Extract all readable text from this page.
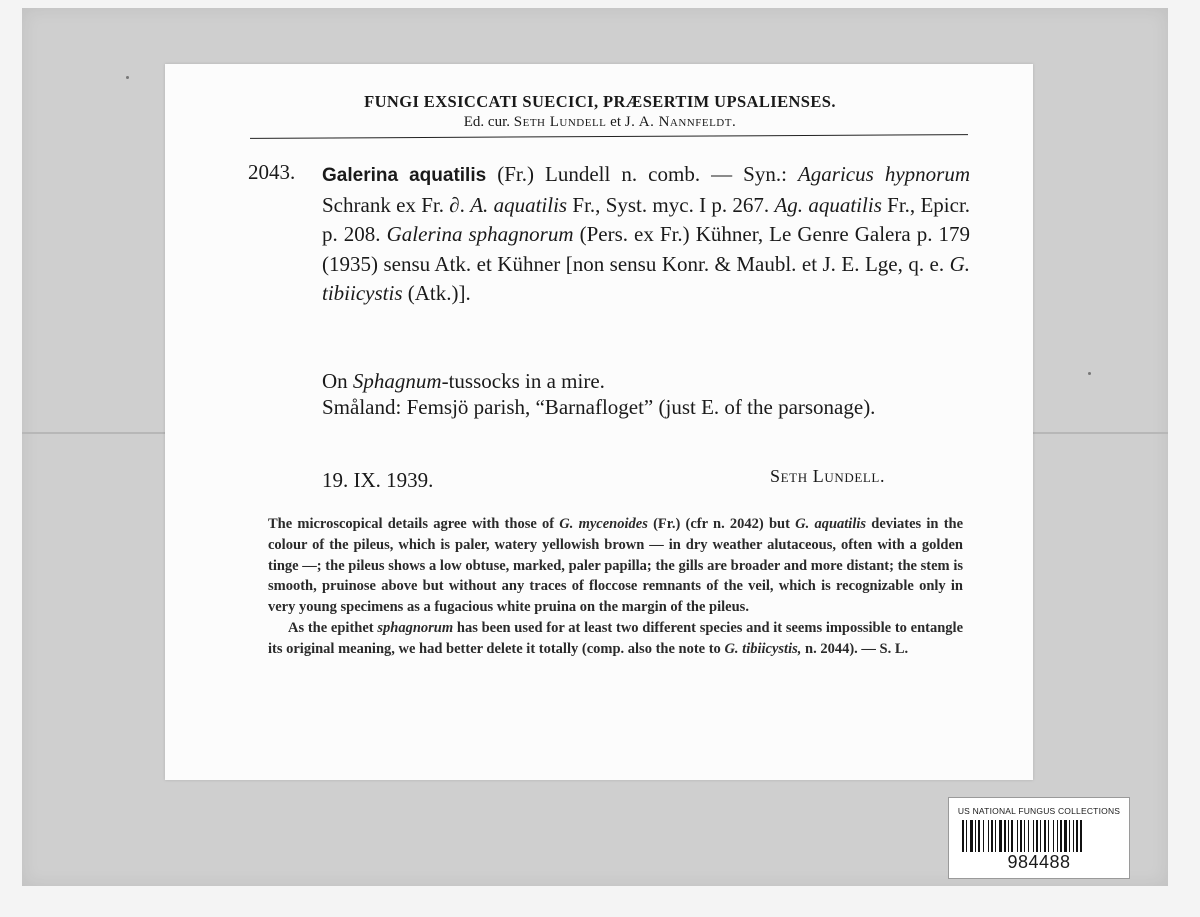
FUNGI EXSICCATI SUECICI, PRÆSERTIM UPSALIENSES.
Ed. cur. Seth Lundell et J. A. Nannfeldt.
2043. Galerina aquatilis (Fr.) Lundell n. comb. — Syn.: Agaricus hypnorum Schrank ex Fr. ∂. A. aquatilis Fr., Syst. myc. I p. 267. Ag. aquatilis Fr., Epicr. p. 208. Galerina sphagnorum (Pers. ex Fr.) Kühner, Le Genre Galera p. 179 (1935) sensu Atk. et Kühner [non sensu Konr. & Maubl. et J. E. Lge, q. e. G. tibiicystis (Atk.)].
On Sphagnum-tussocks in a mire.
Småland: Femsjö parish, “Barnafloget” (just E. of the parsonage).
19. IX. 1939.	Seth Lundell.

The microscopical details agree with those of G. mycenoides (Fr.) (cfr n. 2042) but G. aquatilis deviates in the colour of the pileus, which is paler, watery yellowish brown — in dry weather alutaceous, often with a golden tinge —; the pileus shows a low obtuse, marked, paler papilla; the gills are broader and more distant; the stem is smooth, pruinose above but without any traces of floccose remnants of the veil, which is recognizable only in very young specimens as a fugacious white pruina on the margin of the pileus.

As the epithet sphagnorum has been used for at least two different species and it seems impossible to entangle its original meaning, we had better delete it totally (comp. also the note to G. tibiicystis, n. 2044). — S. L.

US NATIONAL FUNGUS COLLECTIONS
984488
